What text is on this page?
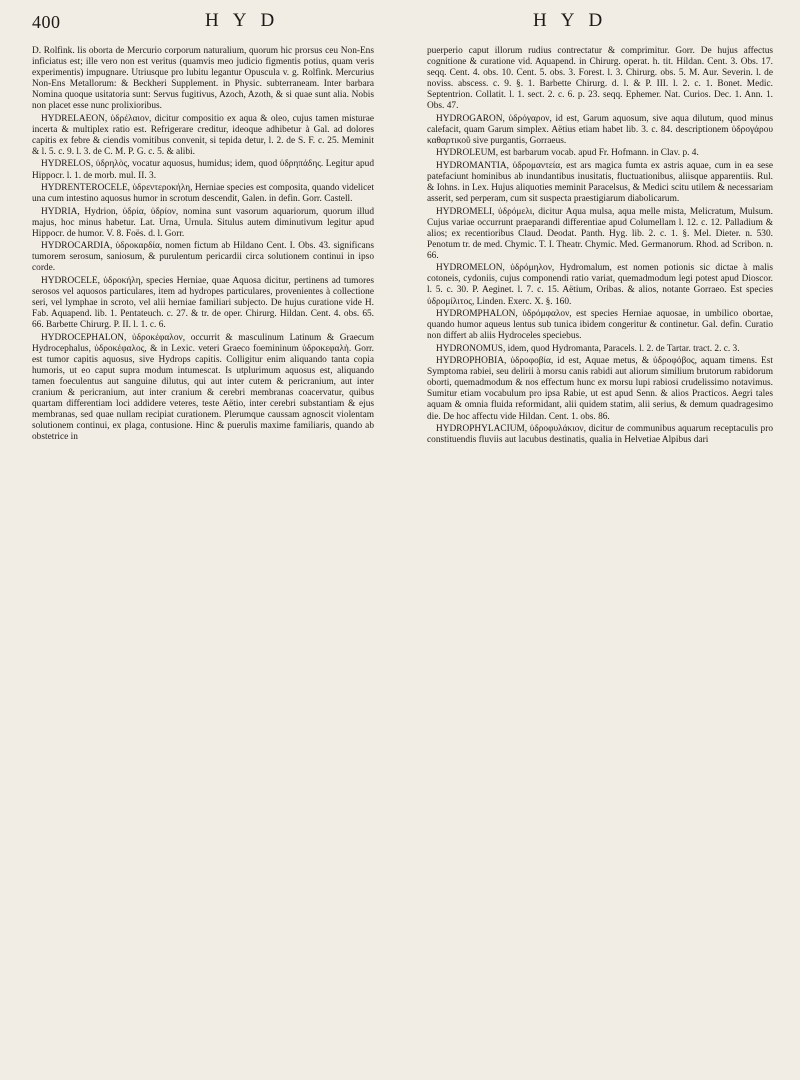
400	H Y D	H Y D

D. Rolfink. lis oborta de Mercurio corporum naturalium, quorum hic prorsus ceu Non-Ens inficiatus est; ille vero non est veritus (quamvis meo judicio figmentis potius, quam veris experimentis) impugnare. Utriusque pro lubitu legantur Opuscula v. g. Rolfink. Mercurius Non-Ens Metallorum: & Beckheri Supplement. in Physic. subterraneam. Inter barbara Nomina quoque usitatoria sunt: Servus fugitivus, Azoch, Azoth, & si quae sunt alia. Nobis non placet esse nunc prolixioribus.

HYDRELAEON, ὑδρέλαιον, dicitur compositio ex aqua & oleo, cujus tamen misturae incerta & multiplex ratio est. Refrigerare creditur, ideoque adhibetur à Gal. ad dolores capitis ex febre & ciendis vomitibus convenit, si tepida detur, l. 2. de S. F. c. 25. Meminit & l. 5. c. 9. l. 3. de C. M. P. G. c. 5. & alibi.

HYDRELOS, ὑδρηλὸς, vocatur aquosus, humidus; idem, quod ὑδρηπάδης. Legitur apud Hippocr. l. 1. de morb. mul. II. 3.

HYDRENTEROCELE, ὑδρεντεροκήλη, Herniae species est composita, quando videlicet una cum intestino aquosus humor in scrotum descendit, Galen. in defin. Gorr. Castell.

HYDRIA, Hydrion, ὑδρία, ὑδρίον, nomina sunt vasorum aquariorum, quorum illud majus, hoc minus habetur. Lat. Urna, Urnula. Situlus autem diminutivum legitur apud Hippocr. de humor. V. 8. Foës. d. l. Gorr.

HYDROCARDIA, ὑδροκαρδία, nomen fictum ab Hildano Cent. I. Obs. 43. significans tumorem serosum, saniosum, & purulentum pericardii circa solutionem continui in ipso corde.

HYDROCELE, ὑδροκήλη, species Herniae, quae Aquosa dicitur, pertinens ad tumores serosos vel aquosos particulares, item ad hydropes particulares, provenientes à collectione seri, vel lymphae in scroto, vel alii herniae familiari subjecto. De hujus curatione vide H. Fab. Aquapend. lib. 1. Pentateuch. c. 27. & tr. de oper. Chirurg. Hildan. Cent. 4. obs. 65. 66. Barbette Chirurg. P. II. l. 1. c. 6.

HYDROCEPHALON, ὑδροκέφαλον, occurrit & masculinum Latinum & Graecum Hydrocephalus, ὑδροκέφαλος, & in Lexic. veteri Graeco foemininum ὑδροκεφαλὴ. Gorr. est tumor capitis aquosus, sive Hydrops capitis. Colligitur enim aliquando tanta copia humoris, ut eo caput supra modum intumescat. Is utplurimum aquosus est, aliquando tamen foeculentus aut sanguine dilutus, qui aut inter cutem & pericranium, aut inter cranium & pericranium, aut inter cranium & cerebri membranas coacervatur, quibus quartam differentiam loci addidere veteres, teste Aëtio, inter cerebri substantiam & ejus membranas, sed quae nullam recipiat curationem. Plerumque caussam agnoscit violentam solutionem continui, ex plaga, contusione. Hinc & puerulis maxime familiaris, quando ab obstetrice in

puerperio caput illorum rudius contrectatur & comprimitur. Gorr. De hujus affectus cognitione & curatione vid. Aquapend. in Chirurg. operat. h. tit. Hildan. Cent. 3. Obs. 17. seqq. Cent. 4. obs. 10. Cent. 5. obs. 3. Forest. l. 3. Chirurg. obs. 5. M. Aur. Severin. l. de noviss. abscess. c. 9. §. 1. Barbette Chirurg. d. l. & P. III. l. 2. c. 1. Bonet. Medic. Septentrion. Collatit. l. 1. sect. 2. c. 6. p. 23. seqq. Ephemer. Nat. Curios. Dec. 1. Ann. 1. Obs. 47.

HYDROGARON, ὑδρόγαρον, id est, Garum aquosum, sive aqua dilutum, quod minus calefacit, quam Garum simplex. Aëtius etiam habet lib. 3. c. 84. descriptionem ὑδρογάρου καθαρτικοῦ sive purgantis, Gorraeus.

HYDROLEUM, est barbarum vocab. apud Fr. Hofmann. in Clav. p. 4.

HYDROMANTIA, ὑδρομαντεία, est ars magica fumta ex astris aquae, cum in ea sese patefaciunt hominibus ab inundantibus inusitatis, fluctuationibus, aliisque apparentiis. Rul. & Iohns. in Lex. Hujus aliquoties meminit Paracelsus, & Medici scitu utilem & necessariam asserit, sed perperam, cum sit suspecta praestigiarum diabolicarum.

HYDROMELI, ὑδρόμελι, dicitur Aqua mulsa, aqua melle mista, Melicratum, Mulsum. Cujus variae occurrunt praeparandi differentiae apud Columellam l. 12. c. 12. Palladium & alios; ex recentioribus Claud. Deodat. Panth. Hyg. lib. 2. c. 1. §. Mel. Dieter. n. 530. Penotum tr. de med. Chymic. T. I. Theatr. Chymic. Med. Germanorum. Rhod. ad Scribon. n. 66.

HYDROMELON, ὑδρόμηλον, Hydromalum, est nomen potionis sic dictae à malis cotoneis, cydoniis, cujus componendi ratio variat, quemadmodum legi potest apud Dioscor. l. 5. c. 30. P. Aeginet. l. 7. c. 15. Aëtium, Oribas. & alios, notante Gorraeo. Est species ὑδρομίλιτος, Linden. Exerc. X. §. 160.

HYDROMPHALON, ὑδρόμφαλον, est species Herniae aquosae, in umbilico obortae, quando humor aqueus lentus sub tunica ibidem congeritur & continetur. Gal. defin. Curatio non differt ab aliis Hydroceles speciebus.

HYDRONOMUS, idem, quod Hydromanta, Paracels. l. 2. de Tartar. tract. 2. c. 3.

HYDROPHOBIA, ὑδροφοβία, id est, Aquae metus, & ὑδροφόβος, aquam timens. Est Symptoma rabiei, seu delirii à morsu canis rabidi aut aliorum similium brutorum rabidorum oborti, quemadmodum & nos effectum hunc ex morsu lupi rabiosi crudelissimo notavimus. Sumitur etiam vocabulum pro ipsa Rabie, ut est apud Senn. & alios Practicos. Aegri tales aquam & omnia fluida reformidant, alii quidem statim, alii serius, & demum quadragesimo die. De hoc affectu vide Hildan. Cent. 1. obs. 86.

HYDROPHYLACIUM, ὑδροφυλάκιον, dicitur de communibus aquarum receptaculis pro constituendis fluviis aut lacubus destinatis, qualia in Helvetiae Alpibus dari
